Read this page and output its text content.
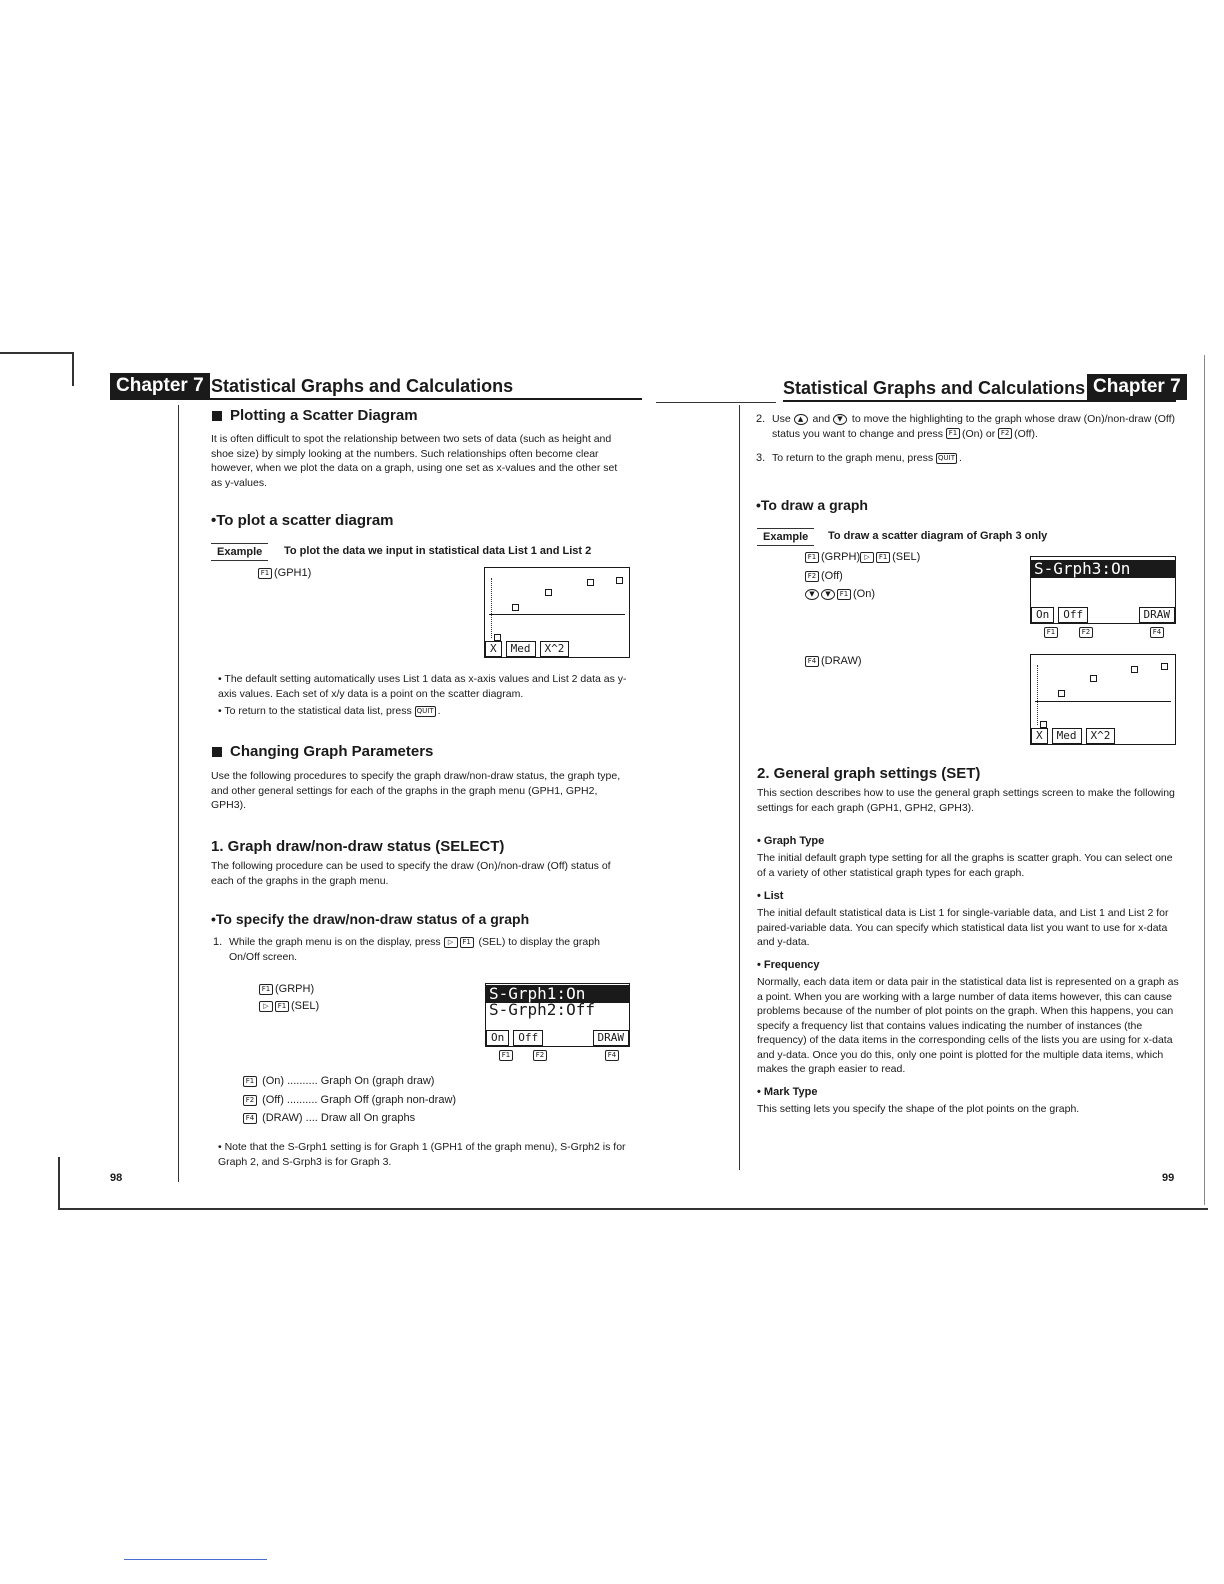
Chapter 7 Statistical Graphs and Calculations
Plotting a Scatter Diagram
It is often difficult to spot the relationship between two sets of data (such as height and shoe size) by simply looking at the numbers. Such relationships often become clear however, when we plot the data on a graph, using one set as x-values and the other set as y-values.
•To plot a scatter diagram
Example	To plot the data we input in statistical data List 1 and List 2
F1 (GPH1)
X	Med	X^2
• The default setting automatically uses List 1 data as x-axis values and List 2 data as y-axis values. Each set of x/y data is a point on the scatter diagram.
• To return to the statistical data list, press QUIT .
Changing Graph Parameters
Use the following procedures to specify the graph draw/non-draw status, the graph type, and other general settings for each of the graphs in the graph menu (GPH1, GPH2, GPH3).
1. Graph draw/non-draw status (SELECT)
The following procedure can be used to specify the draw (On)/non-draw (Off) status of each of the graphs in the graph menu.
•To specify the draw/non-draw status of a graph
1. While the graph menu is on the display, press ▷ F1 (SEL) to display the graph On/Off screen.
F1 (GRPH)
▷ F1 (SEL)
S-Grph1:On
S-Grph2:Off
On	Off	DRAW
F1	F2	F4
F1 (On) .......... Graph On (graph draw)
F2 (Off) .......... Graph Off (graph non-draw)
F4 (DRAW) .... Draw all On graphs
• Note that the S-Grph1 setting is for Graph 1 (GPH1 of the graph menu), S-Grph2 is for Graph 2, and S-Grph3 is for Graph 3.
98
Statistical Graphs and Calculations Chapter 7
2. Use ▲ and ▼ to move the highlighting to the graph whose draw (On)/non-draw (Off) status you want to change and press F1 (On) or F2 (Off).
3. To return to the graph menu, press QUIT .
•To draw a graph
Example	To draw a scatter diagram of Graph 3 only
F1 (GRPH) ▷ F1 (SEL)
F2 (Off)
▼ ▼ F1 (On)
S-Grph3:On
On	Off	DRAW
F1	F2	F4
F4 (DRAW)
X	Med	X^2
2. General graph settings (SET)
This section describes how to use the general graph settings screen to make the following settings for each graph (GPH1, GPH2, GPH3).
• Graph Type
The initial default graph type setting for all the graphs is scatter graph. You can select one of a variety of other statistical graph types for each graph.
• List
The initial default statistical data is List 1 for single-variable data, and List 1 and List 2 for paired-variable data. You can specify which statistical data list you want to use for x-data and y-data.
• Frequency
Normally, each data item or data pair in the statistical data list is represented on a graph as a point. When you are working with a large number of data items however, this can cause problems because of the number of plot points on the graph. When this happens, you can specify a frequency list that contains values indicating the number of instances (the frequency) of the data items in the corresponding cells of the lists you are using for x-data and y-data. Once you do this, only one point is plotted for the multiple data items, which makes the graph easier to read.
• Mark Type
This setting lets you specify the shape of the plot points on the graph.
99
